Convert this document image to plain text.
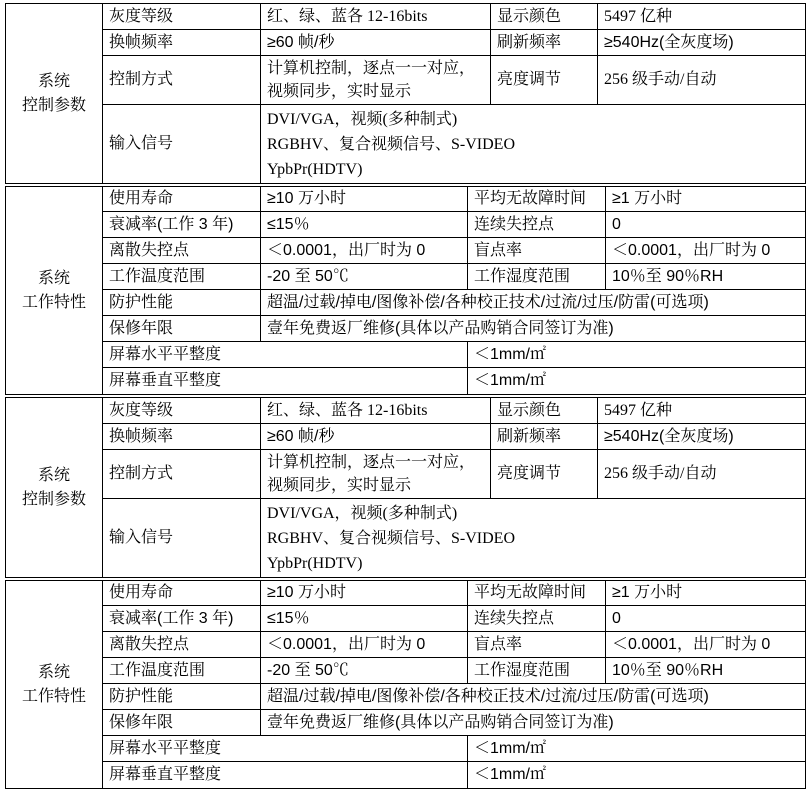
系统
控制参数	灰度等级	红、绿、蓝各 12-16bits	显示颜色	5497 亿种
	换帧频率	≥60 帧/秒	刷新频率	≥540Hz(全灰度场)
	控制方式	计算机控制，逐点一一对应，
视频同步，实时显示	亮度调节	256 级手动/自动
	输入信号	DVI/VGA，视频(多种制式)
RGBHV、复合视频信号、S-VIDEO
YpbPr(HDTV)		
系统
工作特性	使用寿命	≥10 万小时	平均无故障时间	≥1 万小时
	衰减率(工作 3 年)	≤15％	连续失控点	0
	离散失控点	＜0.0001，出厂时为 0	盲点率	＜0.0001，出厂时为 0
	工作温度范围	-20 至 50℃	工作湿度范围	10％至 90％RH
	防护性能	超温/过载/掉电/图像补偿/各种校正技术/过流/过压/防雷(可选项)		
	保修年限	壹年免费返厂维修(具体以产品购销合同签订为准)		
	屏幕水平平整度		＜1mm/㎡	
	屏幕垂直平整度		＜1mm/㎡	
系统
控制参数	灰度等级	红、绿、蓝各 12-16bits	显示颜色	5497 亿种
	换帧频率	≥60 帧/秒	刷新频率	≥540Hz(全灰度场)
	控制方式	计算机控制，逐点一一对应，
视频同步，实时显示	亮度调节	256 级手动/自动
	输入信号	DVI/VGA，视频(多种制式)
RGBHV、复合视频信号、S-VIDEO
YpbPr(HDTV)		
系统
工作特性	使用寿命	≥10 万小时	平均无故障时间	≥1 万小时
	衰减率(工作 3 年)	≤15％	连续失控点	0
	离散失控点	＜0.0001，出厂时为 0	盲点率	＜0.0001，出厂时为 0
	工作温度范围	-20 至 50℃	工作湿度范围	10％至 90％RH
	防护性能	超温/过载/掉电/图像补偿/各种校正技术/过流/过压/防雷(可选项)		
	保修年限	壹年免费返厂维修(具体以产品购销合同签订为准)		
	屏幕水平平整度		＜1mm/㎡	
	屏幕垂直平整度		＜1mm/㎡	
